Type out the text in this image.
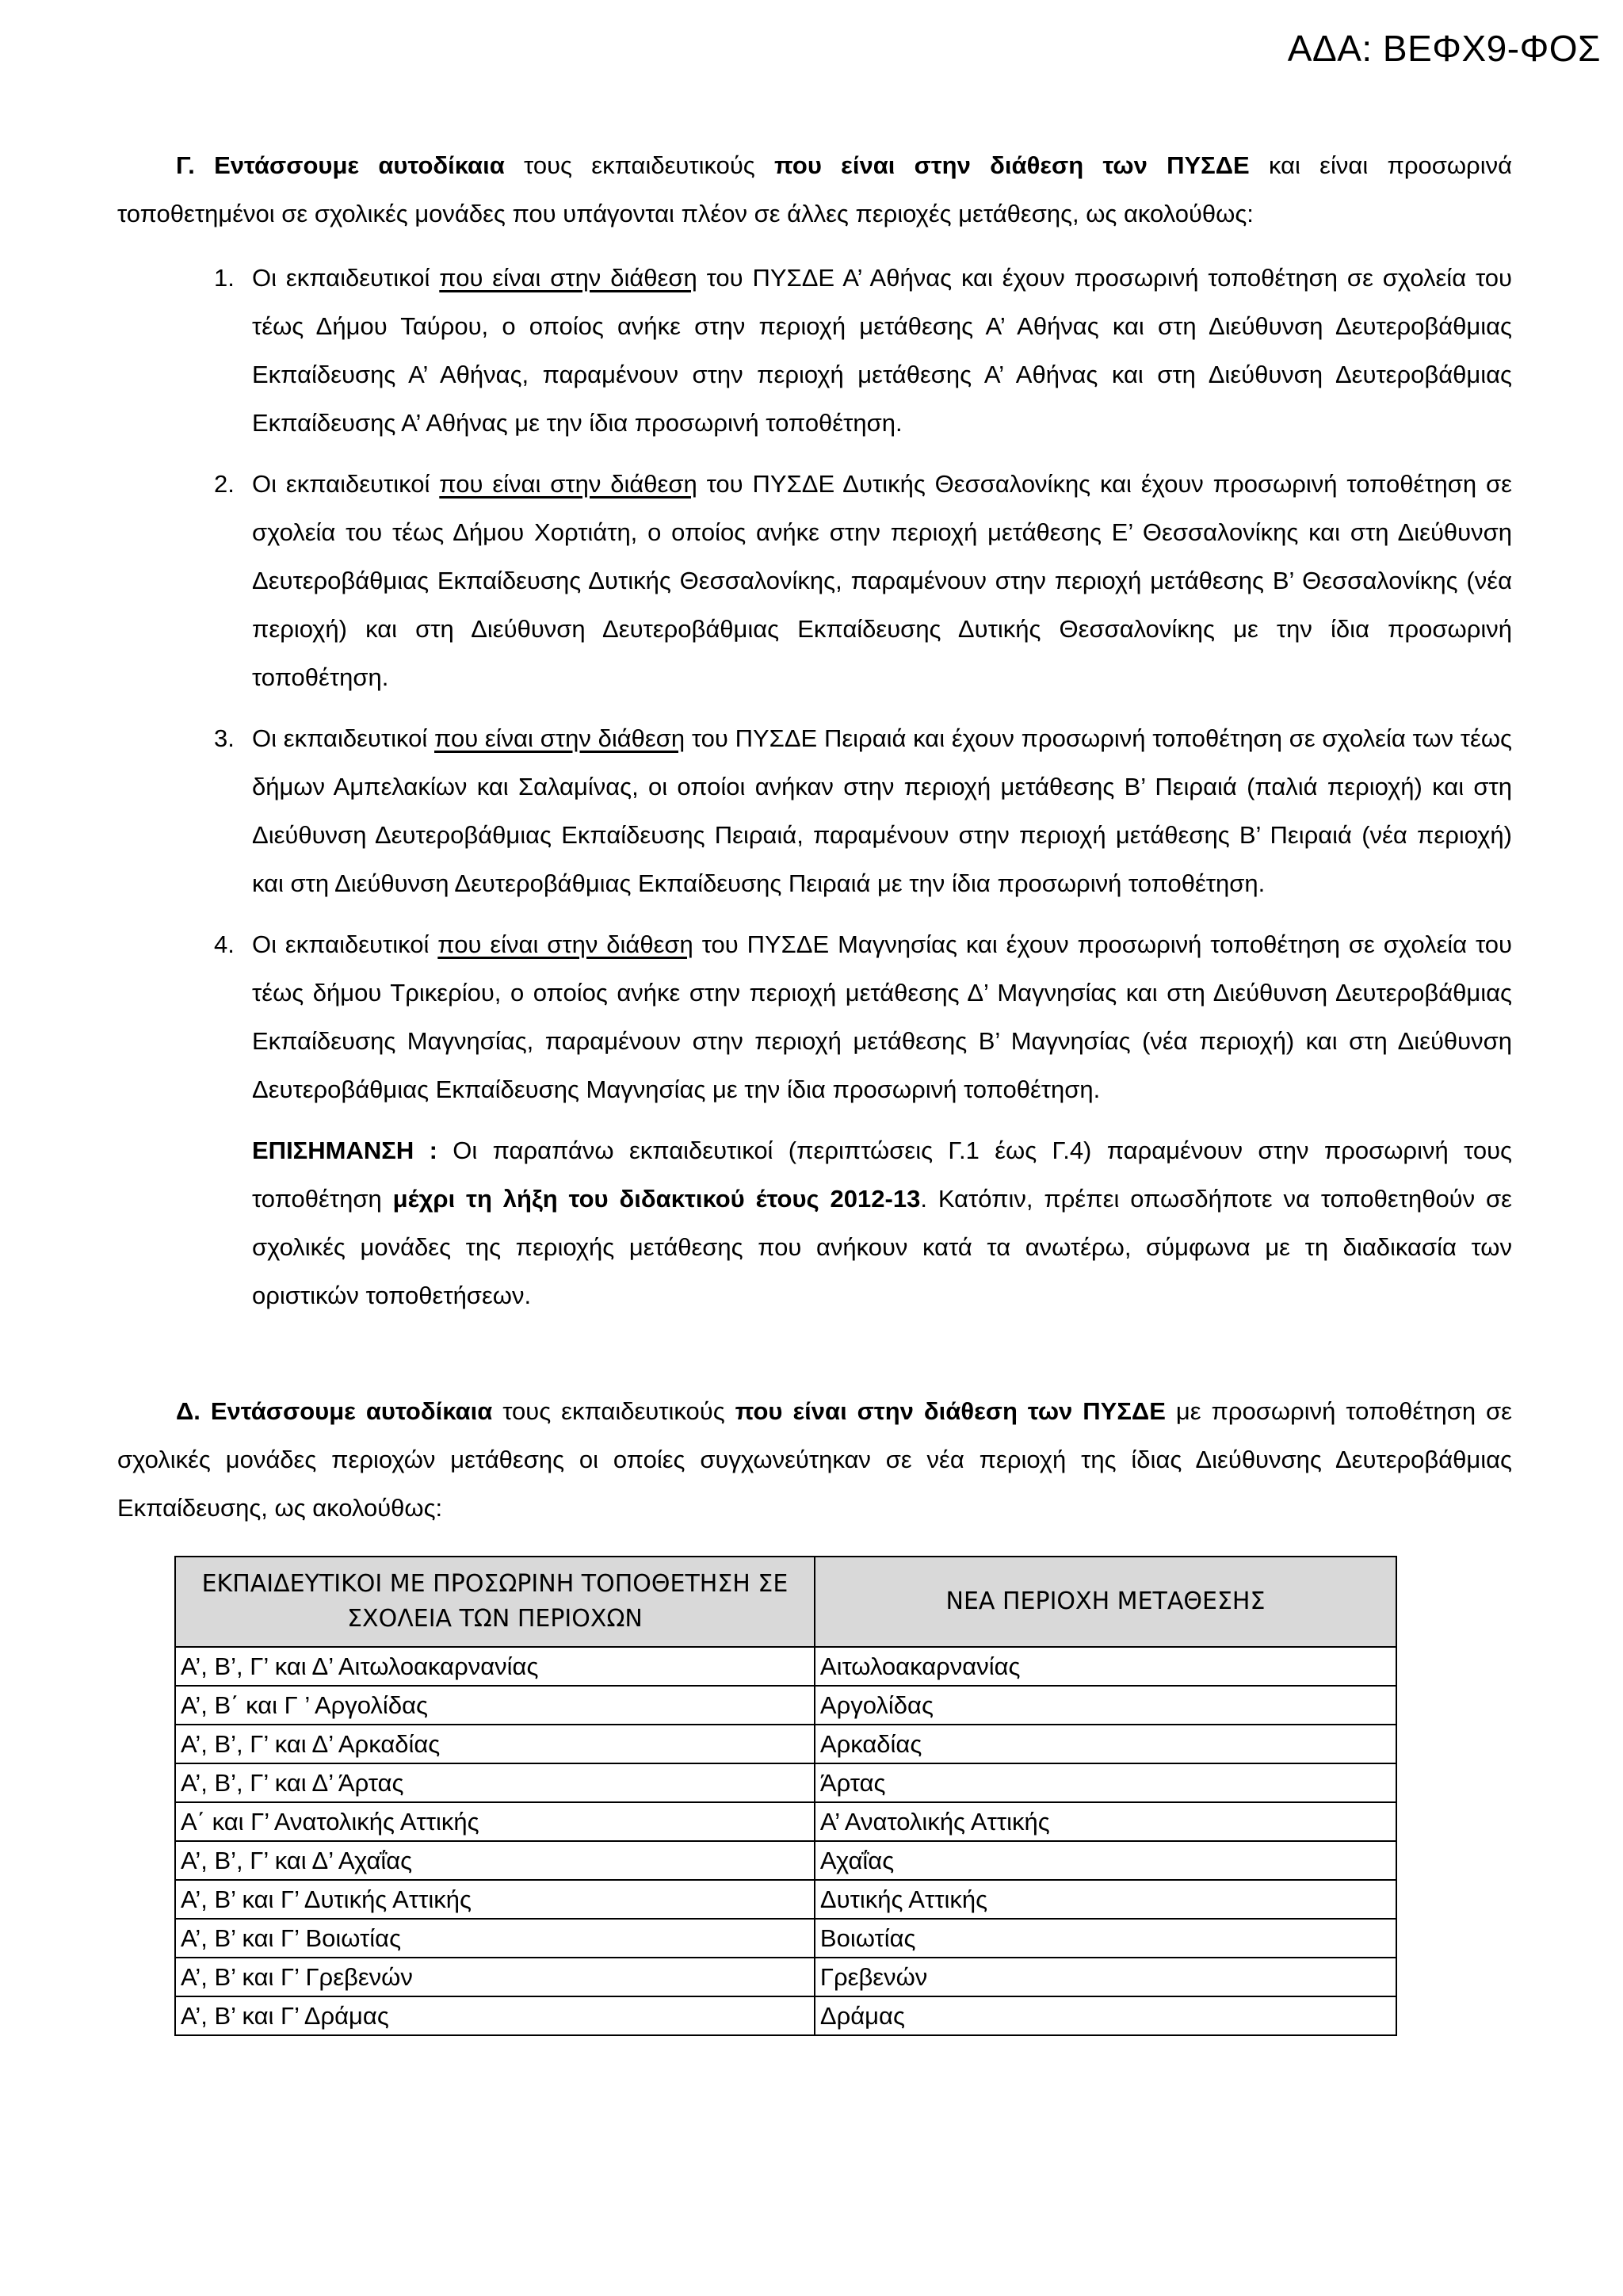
ΑΔΑ: ΒΕΦΧ9-ΦΟΣ

Γ. Εντάσσουμε αυτοδίκαια τους εκπαιδευτικούς που είναι στην διάθεση των ΠΥΣΔΕ και είναι προσωρινά τοποθετημένοι σε σχολικές μονάδες που υπάγονται πλέον σε άλλες περιοχές μετάθεσης, ως ακολούθως:

1. Οι εκπαιδευτικοί που είναι στην διάθεση του ΠΥΣΔΕ Α’ Αθήνας και έχουν προσωρινή τοποθέτηση σε σχολεία του τέως Δήμου Ταύρου, ο οποίος ανήκε στην περιοχή μετάθεσης Α’ Αθήνας και στη Διεύθυνση Δευτεροβάθμιας Εκπαίδευσης Α’ Αθήνας, παραμένουν στην περιοχή μετάθεσης Α’ Αθήνας και στη Διεύθυνση Δευτεροβάθμιας Εκπαίδευσης Α’ Αθήνας με την ίδια προσωρινή τοποθέτηση.
2. Οι εκπαιδευτικοί που είναι στην διάθεση του ΠΥΣΔΕ Δυτικής Θεσσαλονίκης και έχουν προσωρινή τοποθέτηση σε σχολεία του τέως Δήμου Χορτιάτη, ο οποίος ανήκε στην περιοχή μετάθεσης Ε’ Θεσσαλονίκης και στη Διεύθυνση Δευτεροβάθμιας Εκπαίδευσης Δυτικής Θεσσαλονίκης, παραμένουν στην περιοχή μετάθεσης Β’ Θεσσαλονίκης (νέα περιοχή) και στη Διεύθυνση Δευτεροβάθμιας Εκπαίδευσης Δυτικής Θεσσαλονίκης με την ίδια προσωρινή τοποθέτηση.
3. Οι εκπαιδευτικοί που είναι στην διάθεση του ΠΥΣΔΕ Πειραιά και έχουν προσωρινή τοποθέτηση σε σχολεία των τέως δήμων Αμπελακίων και Σαλαμίνας, οι οποίοι ανήκαν στην περιοχή μετάθεσης Β’ Πειραιά (παλιά περιοχή) και στη Διεύθυνση Δευτεροβάθμιας Εκπαίδευσης Πειραιά, παραμένουν στην περιοχή μετάθεσης Β’ Πειραιά (νέα περιοχή) και στη Διεύθυνση Δευτεροβάθμιας Εκπαίδευσης Πειραιά με την ίδια προσωρινή τοποθέτηση.
4. Οι εκπαιδευτικοί που είναι στην διάθεση του ΠΥΣΔΕ Μαγνησίας και έχουν προσωρινή τοποθέτηση σε σχολεία του τέως δήμου Τρικερίου, ο οποίος ανήκε στην περιοχή μετάθεσης Δ’ Μαγνησίας και στη Διεύθυνση Δευτεροβάθμιας Εκπαίδευσης Μαγνησίας, παραμένουν στην περιοχή μετάθεσης Β’ Μαγνησίας (νέα περιοχή) και στη Διεύθυνση Δευτεροβάθμιας Εκπαίδευσης Μαγνησίας με την ίδια προσωρινή τοποθέτηση.

ΕΠΙΣΗΜΑΝΣΗ : Οι παραπάνω εκπαιδευτικοί (περιπτώσεις Γ.1 έως Γ.4) παραμένουν στην προσωρινή τους τοποθέτηση μέχρι τη λήξη του διδακτικού έτους 2012-13. Κατόπιν, πρέπει οπωσδήποτε να τοποθετηθούν σε σχολικές μονάδες της περιοχής μετάθεσης που ανήκουν κατά τα ανωτέρω, σύμφωνα με τη διαδικασία των οριστικών τοποθετήσεων.

Δ. Εντάσσουμε αυτοδίκαια τους εκπαιδευτικούς που είναι στην διάθεση των ΠΥΣΔΕ με προσωρινή τοποθέτηση σε σχολικές μονάδες περιοχών μετάθεσης οι οποίες συγχωνεύτηκαν σε νέα περιοχή της ίδιας Διεύθυνσης Δευτεροβάθμιας Εκπαίδευσης, ως ακολούθως:

ΕΚΠΑΙΔΕΥΤΙΚΟΙ ΜΕ ΠΡΟΣΩΡΙΝΗ ΤΟΠΟΘΕΤΗΣΗ ΣΕ ΣΧΟΛΕΙΑ ΤΩΝ ΠΕΡΙΟΧΩΝ	ΝΕΑ ΠΕΡΙΟΧΗ ΜΕΤΑΘΕΣΗΣ
Α’, Β’, Γ’ και Δ’ Αιτωλοακαρνανίας	Αιτωλοακαρνανίας
Α’, Β΄ και Γ ’ Αργολίδας	Αργολίδας
Α’, Β’, Γ’ και Δ’ Αρκαδίας	Αρκαδίας
Α’, Β’, Γ’ και Δ’ Άρτας	Άρτας
Α΄ και Γ’ Ανατολικής Αττικής	Α’ Ανατολικής Αττικής
Α’, Β’, Γ’ και Δ’ Αχαΐας	Αχαΐας
Α’, Β’ και Γ’ Δυτικής Αττικής	Δυτικής Αττικής
Α’, Β’ και Γ’ Βοιωτίας	Βοιωτίας
Α’, Β’ και Γ’ Γρεβενών	Γρεβενών
Α’, Β’ και Γ’ Δράμας	Δράμας
